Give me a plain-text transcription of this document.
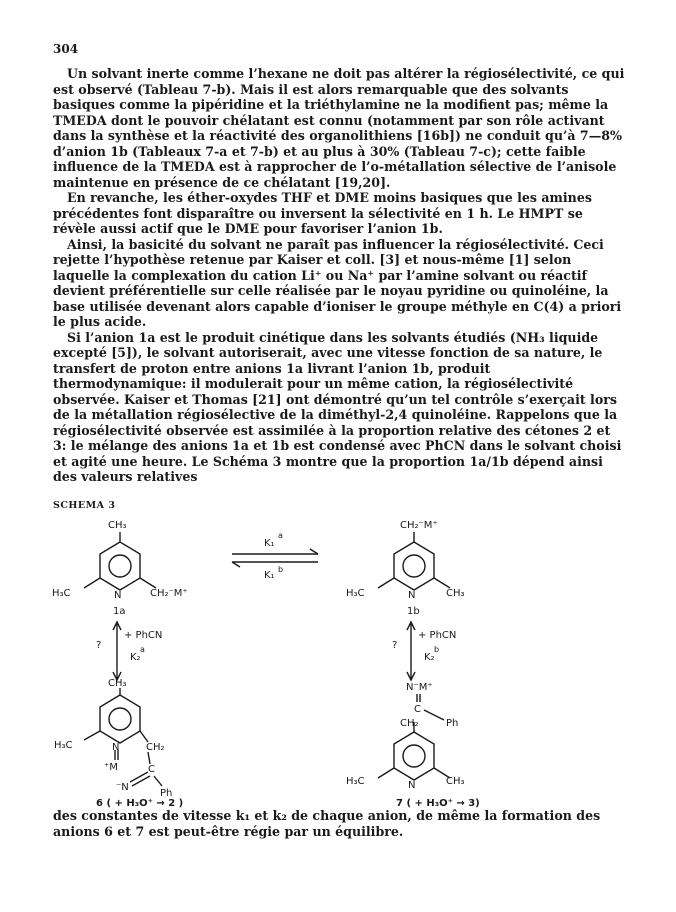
304

Un solvant inerte comme l’hexane ne doit pas altérer la régiosélectivité, ce qui est observé (Tableau 7-b). Mais il est alors remarquable que des solvants basiques comme la pipéridine et la triéthylamine ne la modifient pas; même la TMEDA dont le pouvoir chélatant est connu (notamment par son rôle activant dans la synthèse et la réactivité des organolithiens [16b]) ne conduit qu’à 7—8% d’anion 1b (Tableaux 7-a et 7-b) et au plus à 30% (Tableau 7-c); cette faible influence de la TMEDA est à rapprocher de l’o-métallation sélective de l’anisole maintenue en présence de ce chélatant [19,20].

En revanche, les éther-oxydes THF et DME moins basiques que les amines précédentes font disparaître ou inversent la sélectivité en 1 h. Le HMPT se révèle aussi actif que le DME pour favoriser l’anion 1b.

Ainsi, la basicité du solvant ne paraît pas influencer la régiosélectivité. Ceci rejette l’hypothèse retenue par Kaiser et coll. [3] et nous-même [1] selon laquelle la complexation du cation Li⁺ ou Na⁺ par l’amine solvant ou réactif devient préférentielle sur celle réalisée par le noyau pyridine ou quinoléine, la base utilisée devenant alors capable d’ioniser le groupe méthyle en C(4) a priori le plus acide.

Si l’anion 1a est le produit cinétique dans les solvants étudiés (NH₃ liquide excepté [5]), le solvant autoriserait, avec une vitesse fonction de sa nature, le transfert de proton entre anions 1a livrant l’anion 1b, produit thermodynamique: il modulerait pour un même cation, la régiosélectivité observée. Kaiser et Thomas [21] ont démontré qu’un tel contrôle s’exerçait lors de la métallation régiosélective de la diméthyl-2,4 quinoléine. Rappelons que la régiosélectivité observée est assimilée à la proportion relative des cétones 2 et 3: le mélange des anions 1a et 1b est condensé avec PhCN dans le solvant choisi et agité une heure. Le Schéma 3 montre que la proportion 1a/1b dépend ainsi des valeurs relatives

SCHEMA 3
CH₃
H₃C	N	CH₂⁻M⁺
1a
K₁
a
K₁
b
CH₂⁻M⁺
H₃C	N	CH₃
1b
?
+ PhCN
K₂
a	?
+ PhCN
K₂
b
CH₃
H₃C	N	CH₂
⁺M	C
⁻N
Ph
N⁻M⁺
C
CH₂	Ph
H₃C	N	CH₃
6 ( + H₃O⁺ → 2 )	7 ( + H₃O⁺ → 3)

des constantes de vitesse k₁ et k₂ de chaque anion, de même la formation des anions 6 et 7 est peut-être régie par un équilibre.
